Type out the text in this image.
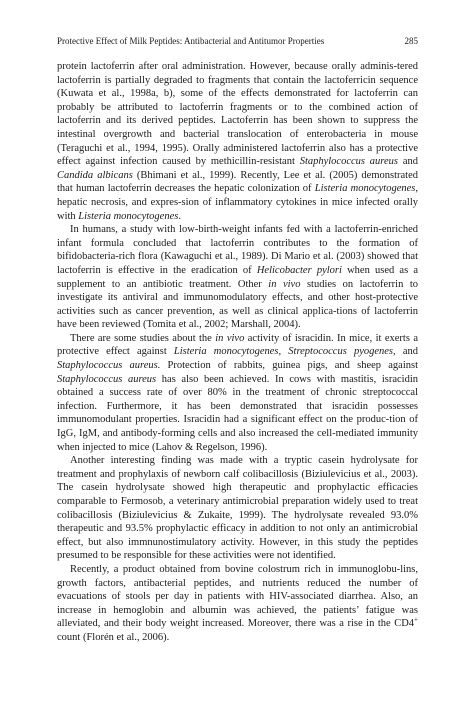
Protective Effect of Milk Peptides: Antibacterial and Antitumor Properties	285

protein lactoferrin after oral administration. However, because orally adminis-tered lactoferrin is partially degraded to fragments that contain the lactoferricin sequence (Kuwata et al., 1998a, b), some of the effects demonstrated for lactoferrin can probably be attributed to lactoferrin fragments or to the combined action of lactoferrin and its derived peptides. Lactoferrin has been shown to suppress the intestinal overgrowth and bacterial translocation of enterobacteria in mouse (Teraguchi et al., 1994, 1995). Orally administered lactoferrin also has a protective effect against infection caused by methicillin-resistant Staphylococcus aureus and Candida albicans (Bhimani et al., 1999). Recently, Lee et al. (2005) demonstrated that human lactoferrin decreases the hepatic colonization of Listeria monocytogenes, hepatic necrosis, and expres-sion of inflammatory cytokines in mice infected orally with Listeria monocytogenes.

In humans, a study with low-birth-weight infants fed with a lactoferrin-enriched infant formula concluded that lactoferrin contributes to the formation of bifidobacteria-rich flora (Kawaguchi et al., 1989). Di Mario et al. (2003) showed that lactoferrin is effective in the eradication of Helicobacter pylori when used as a supplement to an antibiotic treatment. Other in vivo studies on lactoferrin to investigate its antiviral and immunomodulatory effects, and other host-protective activities such as cancer prevention, as well as clinical applica-tions of lactoferrin have been reviewed (Tomita et al., 2002; Marshall, 2004).

There are some studies about the in vivo activity of isracidin. In mice, it exerts a protective effect against Listeria monocytogenes, Streptococcus pyogenes, and Staphylococcus aureus. Protection of rabbits, guinea pigs, and sheep against Staphylococcus aureus has also been achieved. In cows with mastitis, isracidin obtained a success rate of over 80% in the treatment of chronic streptococcal infection. Furthermore, it has been demonstrated that isracidin possesses immunomodulant properties. Isracidin had a significant effect on the produc-tion of IgG, IgM, and antibody-forming cells and also increased the cell-mediated immunity when injected to mice (Lahov & Regelson, 1996).

Another interesting finding was made with a tryptic casein hydrolysate for treatment and prophylaxis of newborn calf colibacillosis (Biziulevicius et al., 2003). The casein hydrolysate showed high therapeutic and prophylactic efficacies comparable to Fermosob, a veterinary antimicrobial preparation widely used to treat colibacillosis (Biziulevicius & Zukaite, 1999). The hydrolysate revealed 93.0% therapeutic and 93.5% prophylactic efficacy in addition to not only an antimicrobial effect, but also immnunostimulatory activity. However, in this study the peptides presumed to be responsible for these activities were not identified.

Recently, a product obtained from bovine colostrum rich in immunoglobu-lins, growth factors, antibacterial peptides, and nutrients reduced the number of evacuations of stools per day in patients with HIV-associated diarrhea. Also, an increase in hemoglobin and albumin was achieved, the patients’ fatigue was alleviated, and their body weight increased. Moreover, there was a rise in the CD4+ count (Florén et al., 2006).
